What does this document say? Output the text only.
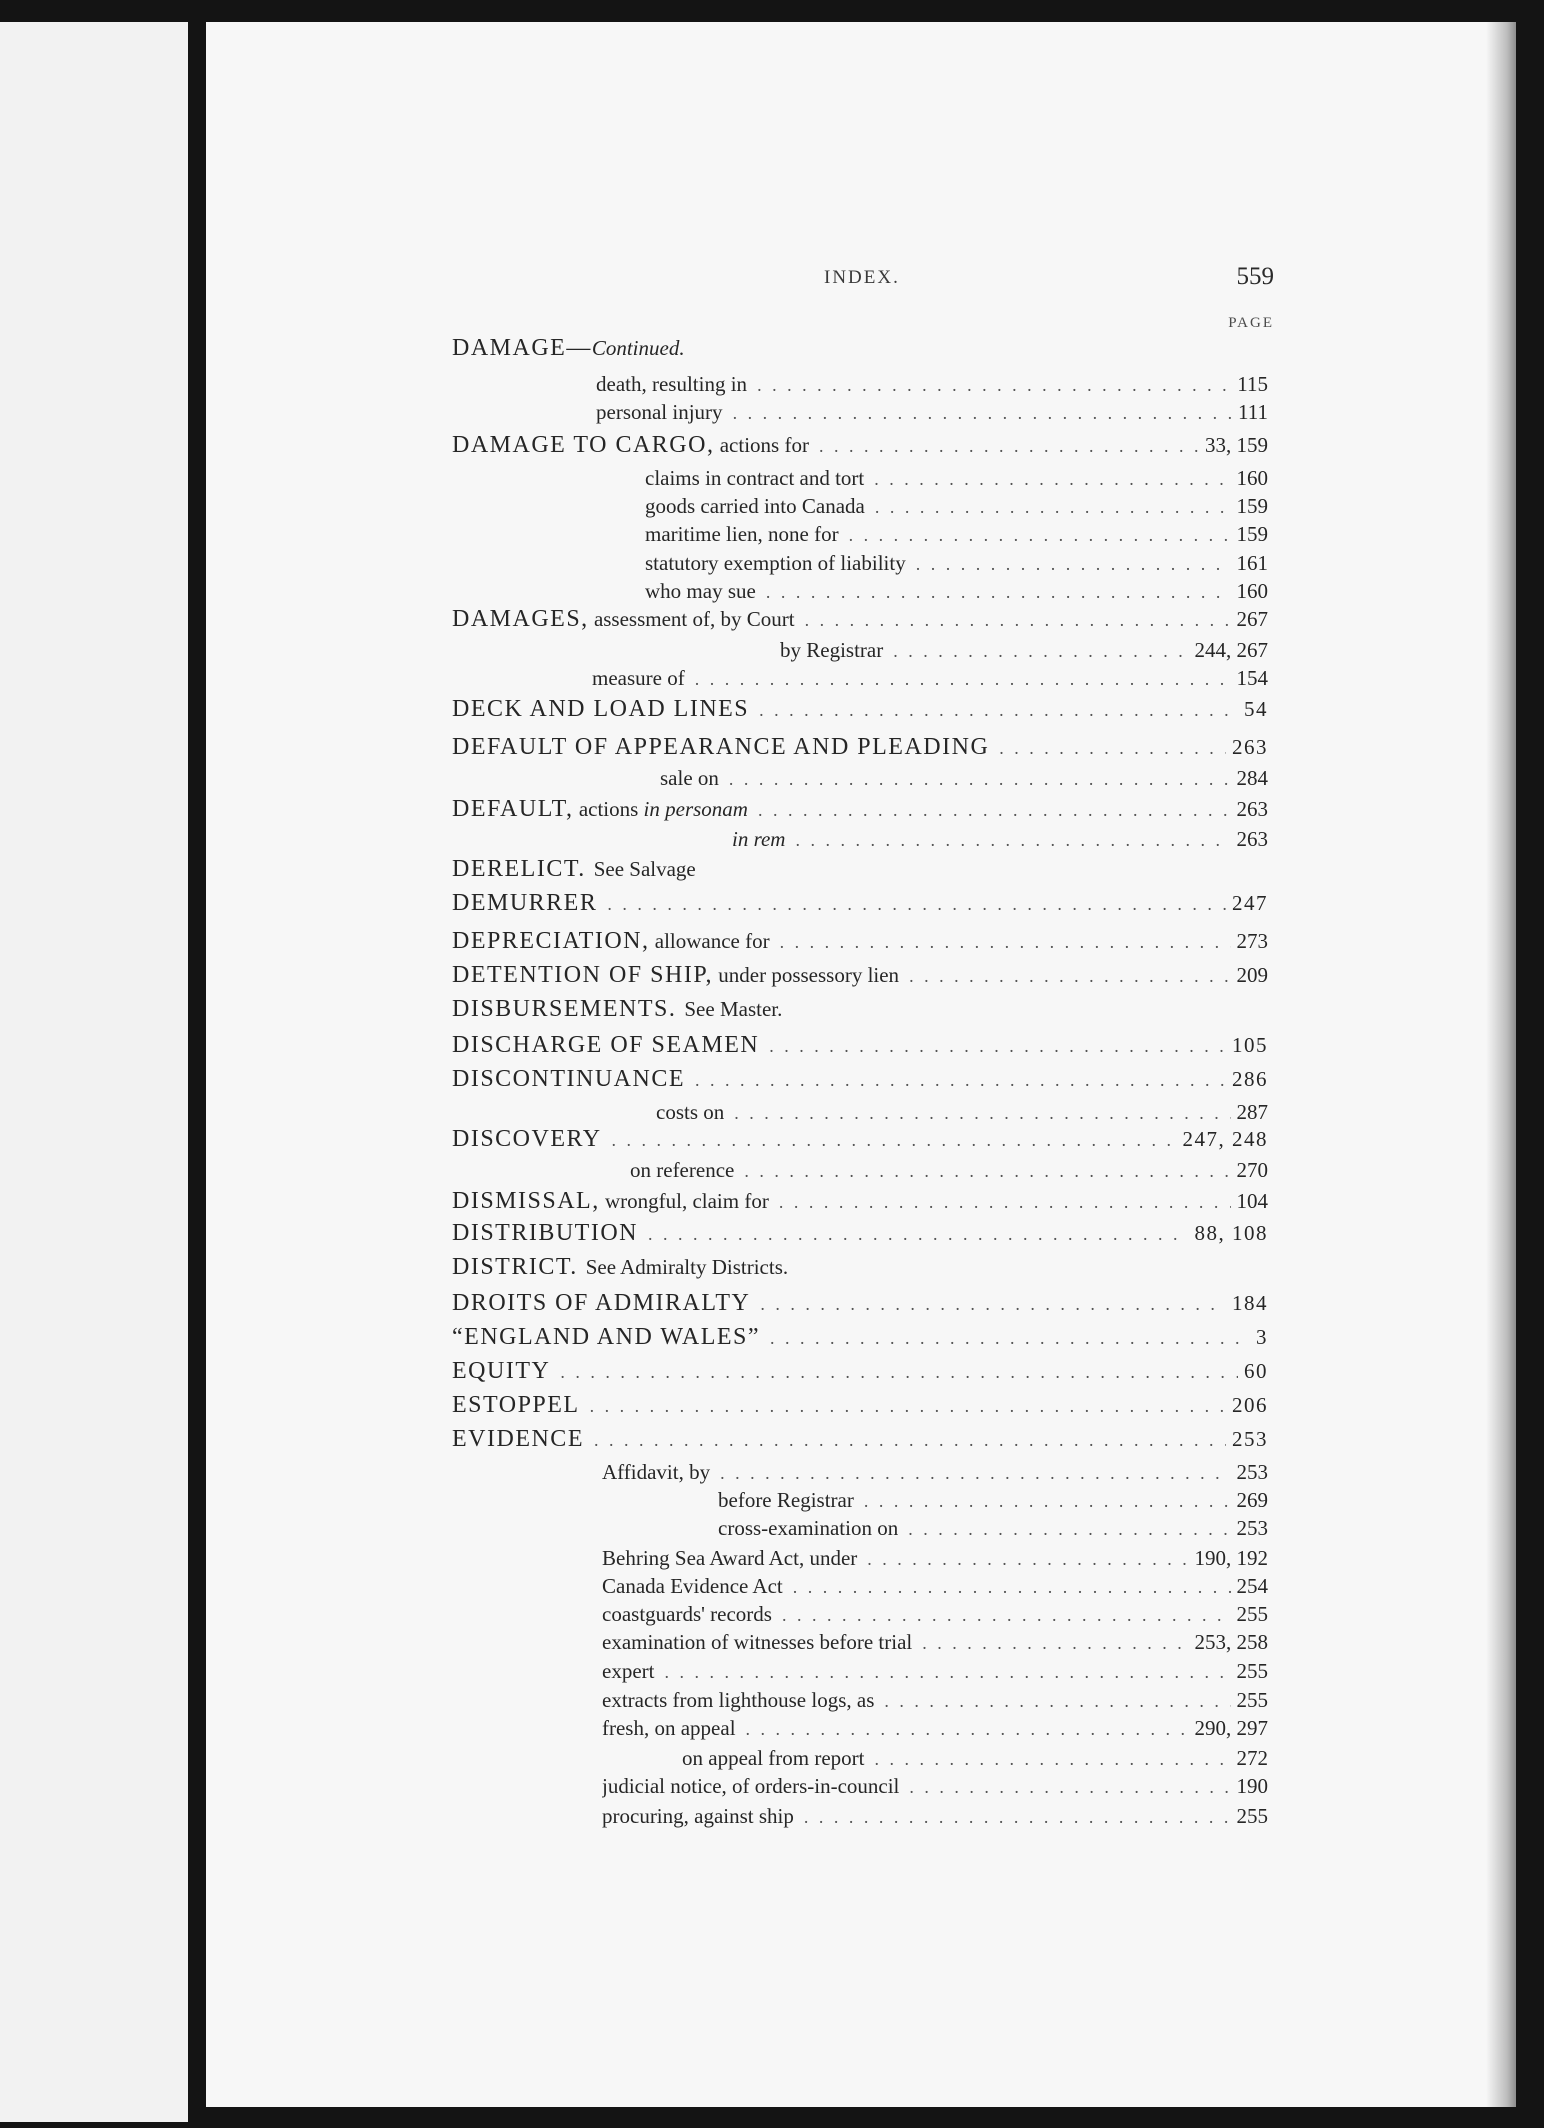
INDEX.	559
PAGE
DAMAGE—Continued.
death, resulting in . . .	115
personal injury . . .	111
DAMAGE TO CARGO, actions for . . .	33, 159
claims in contract and tort . . .	160
goods carried into Canada . . .	159
maritime lien, none for . . .	159
statutory exemption of liability . . .	161
who may sue . . .	160
DAMAGES, assessment of, by Court . . .	267
by Registrar . . .	244, 267
measure of . . .	154
DECK AND LOAD LINES . . .	54
DEFAULT OF APPEARANCE AND PLEADING . . .	263
sale on . . .	284
DEFAULT, actions in personam . . .	263
in rem . . .	263
DERELICT. See Salvage
DEMURRER . . .	247
DEPRECIATION, allowance for . . .	273
DETENTION OF SHIP, under possessory lien . . .	209
DISBURSEMENTS. See Master.
DISCHARGE OF SEAMEN . . .	105
DISCONTINUANCE . . .	286
costs on . . .	287
DISCOVERY . . .	247, 248
on reference . . .	270
DISMISSAL, wrongful, claim for . . .	104
DISTRIBUTION . . .	88, 108
DISTRICT. See Admiralty Districts.
DROITS OF ADMIRALTY . . .	184
“ENGLAND AND WALES” . . .	3
EQUITY . . .	60
ESTOPPEL . . .	206
EVIDENCE . . .	253
Affidavit, by . . .	253
before Registrar . . .	269
cross-examination on . . .	253
Behring Sea Award Act, under . . .	190, 192
Canada Evidence Act . . .	254
coastguards' records . . .	255
examination of witnesses before trial . . .	253, 258
expert . . .	255
extracts from lighthouse logs, as . . .	255
fresh, on appeal . . .	290, 297
on appeal from report . . .	272
judicial notice, of orders-in-council . . .	190
procuring, against ship . . .	255
